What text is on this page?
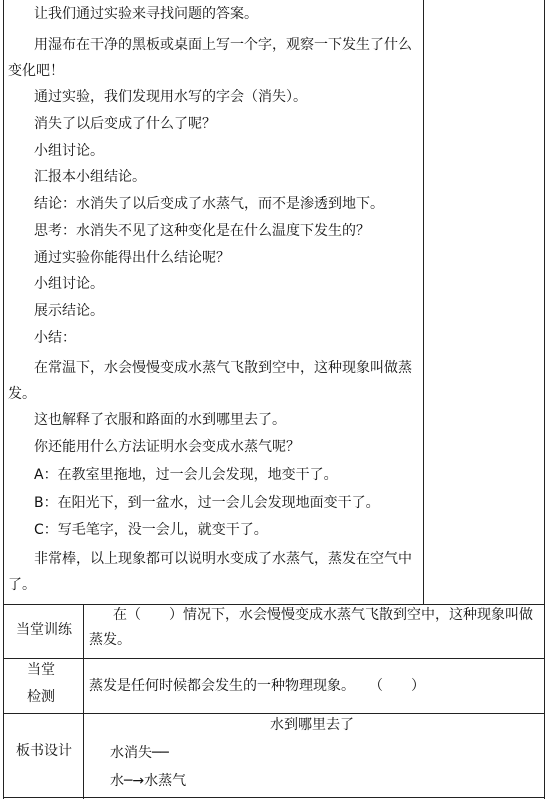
让我们通过实验来寻找问题的答案。
用湿布在干净的黑板或桌面上写一个字，观察一下发生了什么
变化吧！
通过实验，我们发现用水写的字会（消失）。
消失了以后变成了什么了呢？
小组讨论。
汇报本小组结论。
结论：水消失了以后变成了水蒸气，而不是渗透到地下。
思考：水消失不见了这种变化是在什么温度下发生的？
通过实验你能得出什么结论呢？
小组讨论。
展示结论。
小结：
在常温下，水会慢慢变成水蒸气飞散到空中，这种现象叫做蒸
发。
这也解释了衣服和路面的水到哪里去了。
你还能用什么方法证明水会变成水蒸气呢？
A：在教室里拖地，过一会儿会发现，地变干了。
B：在阳光下，到一盆水，过一会儿会发现地面变干了。
C：写毛笔字，没一会儿，就变干了。
非常棒，以上现象都可以说明水变成了水蒸气，蒸发在空气中
了。
当堂训练
在（　　）情况下，水会慢慢变成水蒸气飞散到空中，这种现象叫做
蒸发。
当堂
检测
蒸发是任何时候都会发生的一种物理现象。　　（　　）
板书设计
水到哪里去了
水消失──
水─→水蒸气
